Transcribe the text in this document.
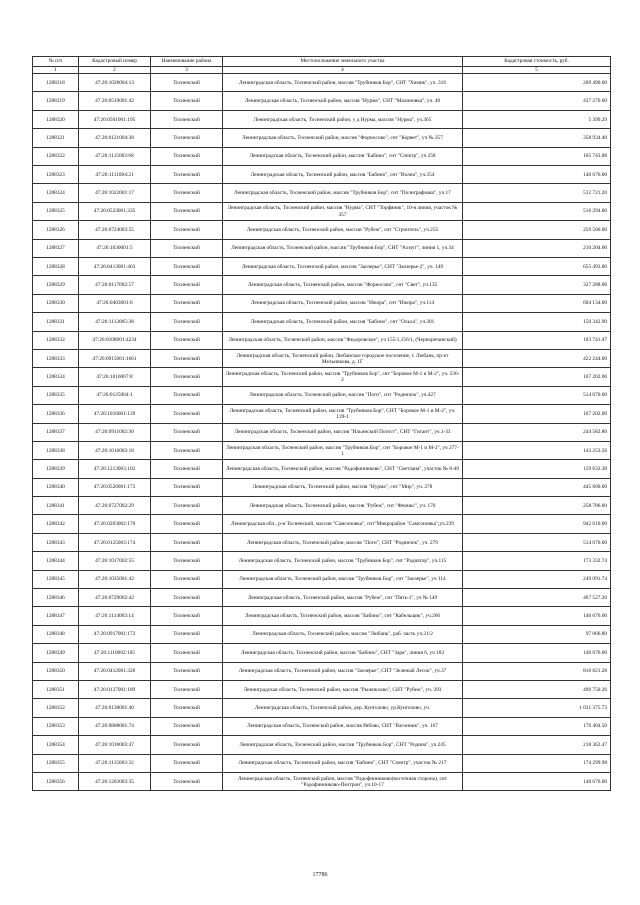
№ п/п	Кадастровый номер	Наименование района	Местоположение земельного участка	Кадастровая стоимость, руб.
1	2	3	4	5
1288318	47:26:1028004:13	Тосненский	Ленинградская область, Тосненский район, массив "Трубников Бор", СНТ "Химик", уч. 316	209 490.00
1288319	47:26:0519001:42	Тосненский	Ленинградская область, Тосненский район, массив "Нурма", СНТ "Малиновка", уч. 40	437 270.00
1288320	47:26:0501001:195	Тосненский	Ленинградская область, Тосненский район, у д Нурма, массив "Нурма", уч.365	5 399.29
1288321	47:26:0121004:38	Тосненский	Ленинградская область, Тосненский район, массив "Форносово", снт "Корвет", уч № 357	358 934.40
1288322	47:26:1115003:68	Тосненский	Ленинградская область, Тосненский район, массив "Бабино", снт "Спектр", уч 258	165 743.88
1288323	47:26:1111004:21	Тосненский	Ленинградская область, Тосненский район, массив "Бабино", снт "Волна", уч.354	146 676.00
1288324	47:26:1022001:17	Тосненский	Ленинградская область, Тосненский район, массив "Трубников Бор", снт "Полиграфмаш", уч.17	512 721.20
1288325	47:26:0523001:335	Тосненский	Ленинградская область, Тосненский район, массив "Нурма", СНТ "Торфяник", 10-я линия, участок № 357	516 294.80
1288326	47:26:0724003:55	Тосненский	Ленинградская область, Тосненский район, массив "Рубеж", снт "Строитель", уч.255	259 500.00
1288327	47:26:1030001:5	Тосненский	Ленинградская область, Тосненский район, массив "Трубников Бор", СНТ "Ахмут", линия 1, уч.34	210 204.00
1288328	47:26:0413001:463	Тосненский	Ленинградская область, Тосненский район, массив "Заозерье", СНТ "Заозерье-2", уч. 149	655 493.80
1288329	47:26:0117002:57	Тосненский	Ленинградская область, Тосненский район, массив "Форносово", снт "Свет", уч.135	327 288.06
1288330	47:26:0403001:6	Тосненский	Ленинградская область, Тосненский район, массив "Ижора", снт "Ижора", уч.114	604 134.00
1288331	47:26:1113005:38	Тосненский	Ленинградская область, Тосненский район, массив "Бабино", снт "Ольха", уч.301	150 342.90
1288332	47:26:0108001:4234	Тосненский	Ленинградская область, Тосненский район, массив "Федоровское", уч 155/1,156/1, (Черноречинский)	103 741.47
1288333	47:26:0915001:1661	Тосненский	Ленинградская область, Тосненский район, Любанское городское поселение, г. Любань, пр-кт Мельникова, д. 1Г	422 244.00
1288334	47:26:1016007:8	Тосненский	Ленинградская область, Тосненский район, массив "Трубников Бор", снт "Боровое М-1 и М-2", уч. 236-2	167 202.00
1288335	47:26:0125004:1	Тосненский	Ленинградская область, Тосненский район, массив "Поги", снт "Родничок", уч.427	514 070.00
1288336	47:26:1016001:139	Тосненский	Ленинградская область, Тосненский район, массив "Трубников Бор", СНТ "Боровое М-1 и М-2", уч. 139-1	167 202.00
1288337	47:26:0911002:30	Тосненский	Ленинградская область, Тосненский район, массив "Ильинский Погост", СНТ "Гигант", уч.1-33	244 582.80
1288338	47:26:1016003:18	Тосненский	Ленинградская область, Тосненский район, массив "Трубников Бор", снт "Боровое М-1 и М-2", уч 277-1	143 253.56
1288339	47:26:1213003:102	Тосненский	Ленинградская область, Тосненский район, массив "Радофинниково", СНТ "Светлана", участок № 8-49	159 632.38
1288340	47:26:0520001:173	Тосненский	Ленинградская область, Тосненский район, массив "Нурма", снт "Мир", уч. 278	445 600.00
1288341	47:26:0727002:29	Тосненский	Ленинградская область, Тосненский район, массив "Рубеж", снт "Феникс", уч. 170	258 786.00
1288342	47:26:0203002:170	Тосненский	Ленинградская обл., р-н Тосненский, массив "Самсоновка", снт"Микрорайон "Самсоновка",уч.239	942 610.00
1288343	47:26:0125003:174	Тосненский	Ленинградская область, Тосненский район, массив "Поги", СНТ "Родничок", уч. 279	514 070.00
1288344	47:26:1017002:55	Тосненский	Ленинградская область, Тосненский район, массив "Трубников Бор", снт "Радиатор", уч.115	173 332.74
1288345	47:26:1035001:42	Тосненский	Ленинградская область, Тосненский район, массив "Трубников Бор", снт "Заозерье", уч 114	249 091.74
1288346	47:26:0729002:42	Тосненский	Ленинградская область, Тосненский район, массив "Рубеж", снт "Пять-1", уч № 149	467 527.20
1288347	47:26:1114003:14	Тосненский	Ленинградская область, Тосненский район, массив "Бабино", снт "Кабельщик", уч.266	146 676.00
1288348	47:26:0917001:173	Тосненский	Ленинградская область, Тосненский район, массив "Любань", раб. часть уч.31/2	97 066.80
1288349	47:26:1110002:105	Тосненский	Ленинградская область, Тосненский район, массив "Бабино", СНТ "Заря", линия 6, уч 183	146 676.00
1288350	47:26:0412001:326	Тосненский	Ленинградская область, Тосненский район, массив "Заозерье", СНТ "Зеленый Лесок", уч.37	816 821.28
1288351	47:26:0127001:189	Тосненский	Ленинградская область, Тосненский район, массив "Рыжикхово", СНТ "Рубеж", уч. 393	490 750.26
1288352	47:26:0138001:40	Тосненский	Ленинградская область, Тосненский район, дер. Кунголово, ур.Кунголово, уч.	1 031 375.73
1288353	47:26:0808001:74	Тосненский	Ленинградская область, Тосненский район, массив Рябово, СНТ "Вагонник", уч. 167	176 404.50
1288354	47:26:1018003:47	Тосненский	Ленинградская область, Тосненский район, массив "Трубников Бор", СНТ "Родина", уч.245	218 362.47
1288355	47:26:1115003:32	Тосненский	Ленинградская область, Тосненский район, массив "Бабино", СНТ "Спектр", участок № 217	174 299.98
1288356	47:26:1203003:35	Тосненский	Ленинградская область, Тосненский район, массив "Радофинниково(восточная сторона), снт "Радофинниково-Пелтрон", уч.10-17	146 676.00
17786
